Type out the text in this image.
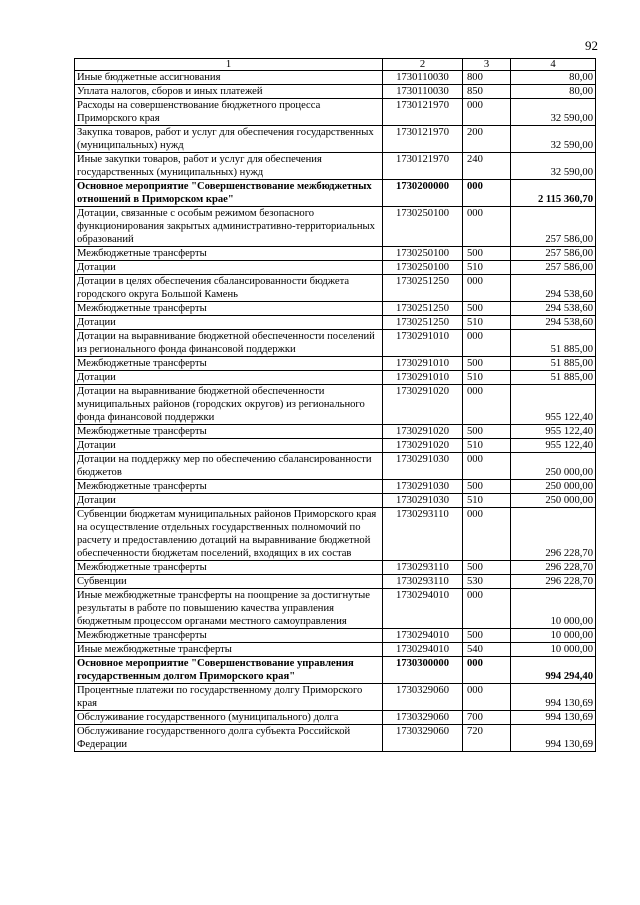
92
1	2	3	4
Иные бюджетные ассигнования	1730110030	800	80,00
Уплата налогов, сборов и иных платежей	1730110030	850	80,00
Расходы на совершенствование бюджетного процесса Приморского края	1730121970	000	32 590,00
Закупка товаров, работ и услуг для обеспечения государственных (муниципальных) нужд	1730121970	200	32 590,00
Иные закупки товаров, работ и услуг для обеспечения государственных (муниципальных) нужд	1730121970	240	32 590,00
Основное мероприятие "Совершенствование межбюджетных отношений в Приморском крае"	1730200000	000	2 115 360,70
Дотации, связанные с особым режимом безопасного функционирования закрытых административно-территориальных образований	1730250100	000	257 586,00
Межбюджетные трансферты	1730250100	500	257 586,00
Дотации	1730250100	510	257 586,00
Дотации в целях обеспечения сбалансированности бюджета городского округа Большой Камень	1730251250	000	294 538,60
Межбюджетные трансферты	1730251250	500	294 538,60
Дотации	1730251250	510	294 538,60
Дотации на выравнивание бюджетной обеспеченности поселений из регионального фонда финансовой поддержки	1730291010	000	51 885,00
Межбюджетные трансферты	1730291010	500	51 885,00
Дотации	1730291010	510	51 885,00
Дотации на выравнивание бюджетной обеспеченности муниципальных районов (городских округов) из регионального фонда финансовой поддержки	1730291020	000	955 122,40
Межбюджетные трансферты	1730291020	500	955 122,40
Дотации	1730291020	510	955 122,40
Дотации на поддержку мер по обеспечению сбалансированности бюджетов	1730291030	000	250 000,00
Межбюджетные трансферты	1730291030	500	250 000,00
Дотации	1730291030	510	250 000,00
Субвенции бюджетам муниципальных районов Приморского края на осуществление отдельных государственных полномочий по расчету и предоставлению дотаций на выравнивание бюджетной обеспеченности бюджетам поселений, входящих в их состав	1730293110	000	296 228,70
Межбюджетные трансферты	1730293110	500	296 228,70
Субвенции	1730293110	530	296 228,70
Иные межбюджетные трансферты на поощрение за достигнутые результаты в работе по повышению качества управления бюджетным процессом органами местного самоуправления	1730294010	000	10 000,00
Межбюджетные трансферты	1730294010	500	10 000,00
Иные межбюджетные трансферты	1730294010	540	10 000,00
Основное мероприятие "Совершенствование управления государственным долгом Приморского края"	1730300000	000	994 294,40
Процентные платежи по государственному долгу Приморского края	1730329060	000	994 130,69
Обслуживание государственного (муниципального) долга	1730329060	700	994 130,69
Обслуживание государственного долга субъекта Российской Федерации	1730329060	720	994 130,69
